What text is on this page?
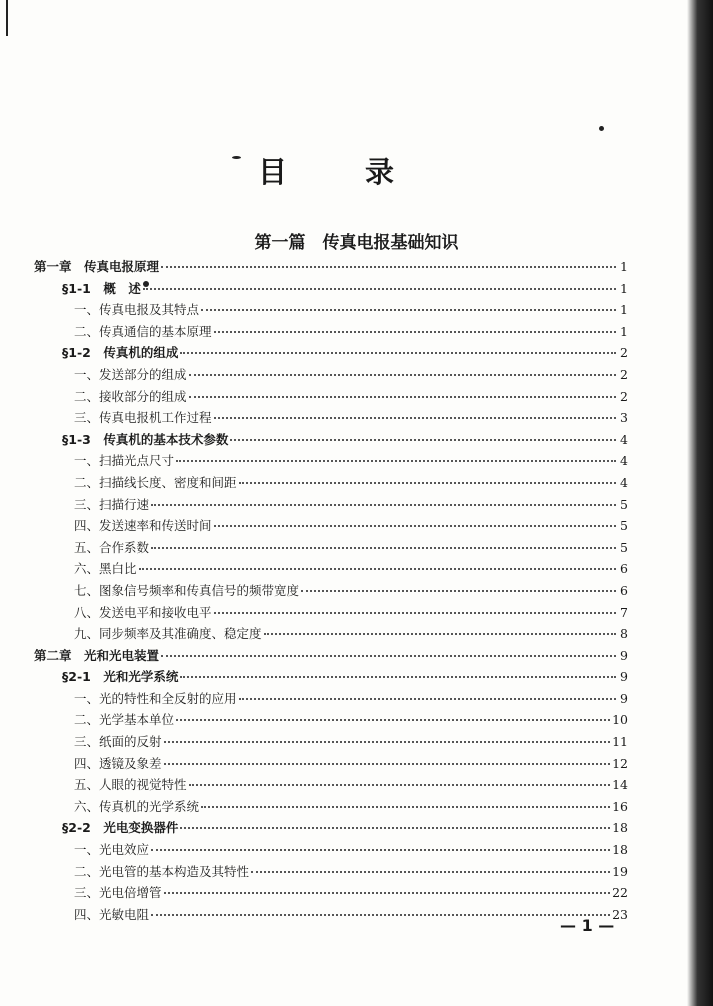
目	录
第一篇　传真电报基础知识
第一章　传真电报原理	1
§1-1　概　述	1
一、传真电报及其特点	1
二、传真通信的基本原理	1
§1-2　传真机的组成	2
一、发送部分的组成	2
二、接收部分的组成	2
三、传真电报机工作过程	3
§1-3　传真机的基本技术参数	4
一、扫描光点尺寸	4
二、扫描线长度、密度和间距	4
三、扫描行速	5
四、发送速率和传送时间	5
五、合作系数	5
六、黑白比	6
七、图象信号频率和传真信号的频带宽度	6
八、发送电平和接收电平	7
九、同步频率及其准确度、稳定度	8
第二章　光和光电装置	9
§2-1　光和光学系统	9
一、光的特性和全反射的应用	9
二、光学基本单位	10
三、纸面的反射	11
四、透镜及象差	12
五、人眼的视觉特性	14
六、传真机的光学系统	16
§2-2　光电变换器件	18
一、光电效应	18
二、光电管的基本构造及其特性	19
三、光电倍增管	22
四、光敏电阻	23
— 1 —
